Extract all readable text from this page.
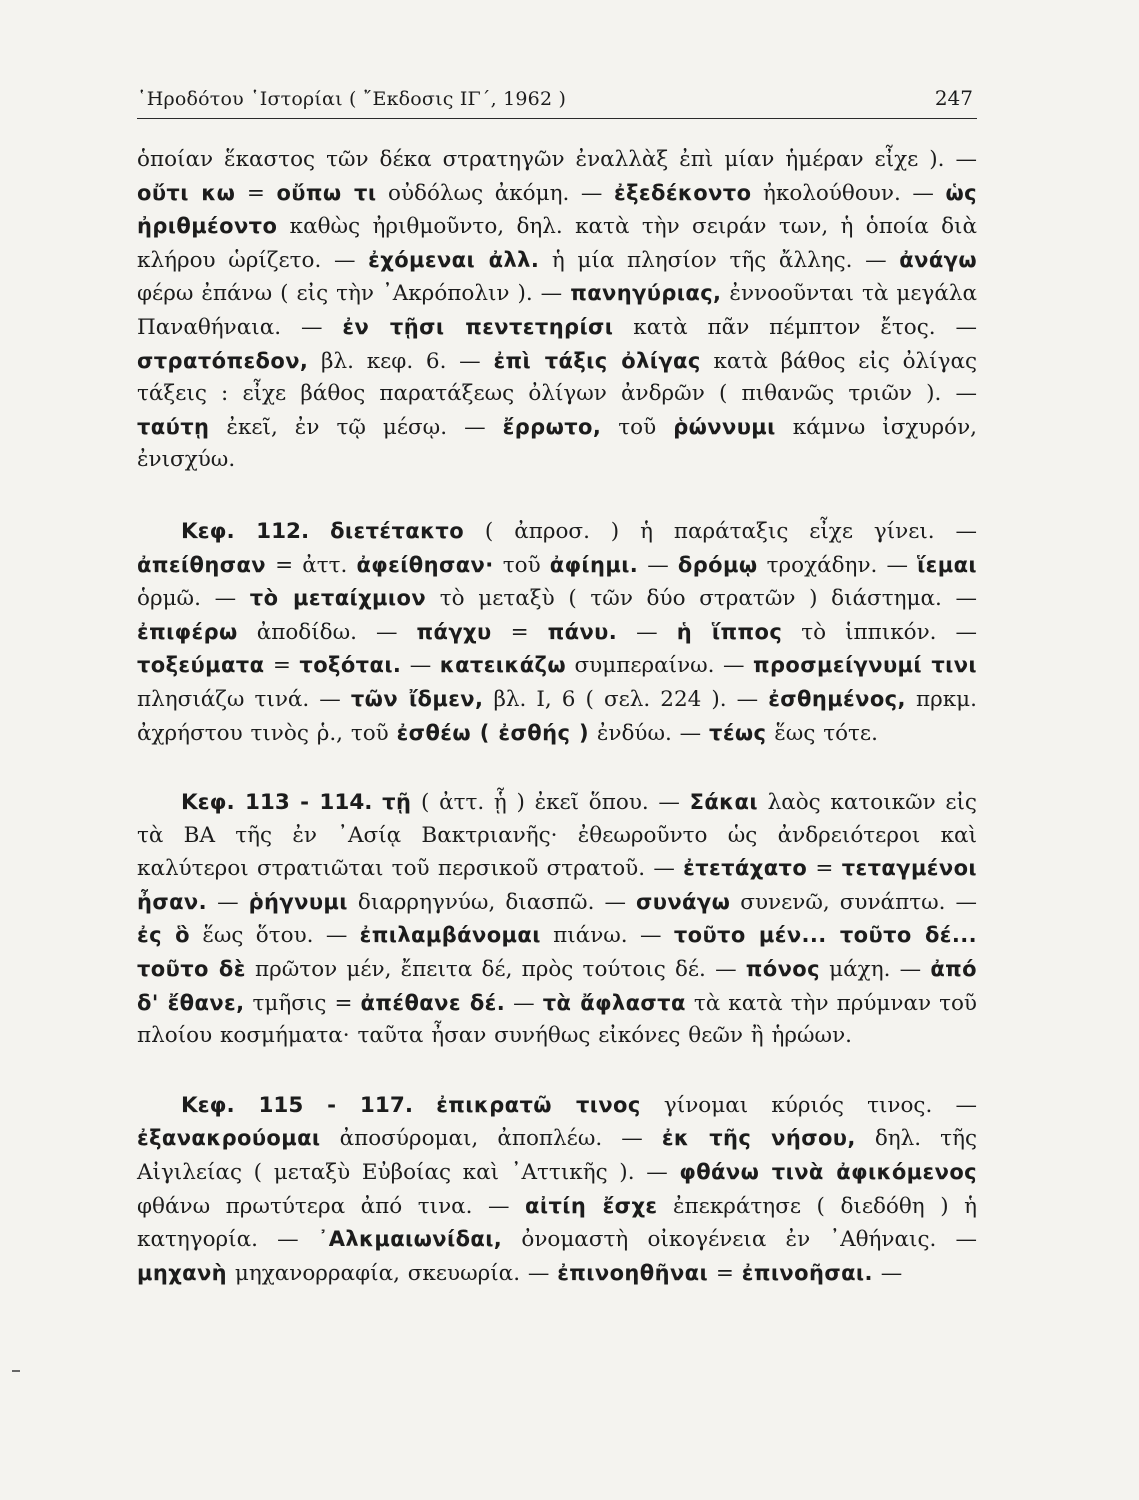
῾Ηροδότου ῾Ιστορίαι ( ῎Εκδοσις ΙΓ΄, 1962 )	247

ὁποίαν ἕκαστος τῶν δέκα στρατηγῶν ἐναλλὰξ ἐπὶ μίαν ἡμέραν εἶχε ). — οὔτι κω = οὔπω τι οὐδόλως ἀκόμη. — ἐξεδέκοντο ἠκολούθουν. — ὡς ἠριθμέοντο καθὼς ἠριθμοῦντο, δηλ. κατὰ τὴν σειράν των, ἡ ὁποία διὰ κλήρου ὡρίζετο. — ἐχόμεναι ἀλλ. ἡ μία πλησίον τῆς ἄλλης. — ἀνάγω φέρω ἐπάνω ( εἰς τὴν ᾿Ακρόπολιν ). — πανηγύριας, ἐννοοῦνται τὰ μεγάλα Παναθήναια. — ἐν τῇσι πεντετηρίσι κατὰ πᾶν πέμπτον ἔτος. — στρατόπεδον, βλ. κεφ. 6. — ἐπὶ τάξις ὀλίγας κατὰ βάθος εἰς ὀλίγας τάξεις : εἶχε βάθος παρατάξεως ὀλίγων ἀνδρῶν ( πιθανῶς τριῶν ). — ταύτῃ ἐκεῖ, ἐν τῷ μέσῳ. — ἔρρωτο, τοῦ ῥώννυμι κάμνω ἰσχυρόν, ἐνισχύω.

Κεφ. 112. διετέτακτο ( ἀπροσ. ) ἡ παράταξις εἶχε γίνει. — ἀπείθησαν = ἀττ. ἀφείθησαν· τοῦ ἀφίημι. — δρόμῳ τροχάδην. — ἵεμαι ὁρμῶ. — τὸ μεταίχμιον τὸ μεταξὺ ( τῶν δύο στρατῶν ) διάστημα. — ἐπιφέρω ἀποδίδω. — πάγχυ = πάνυ. — ἡ ἵππος τὸ ἱππικόν. — τοξεύματα = τοξόται. — κατεικάζω συμπεραίνω. — προσμείγνυμί τινι πλησιάζω τινά. — τῶν ἴδμεν, βλ. Ι, 6 ( σελ. 224 ). — ἐσθημένος, πρκμ. ἀχρήστου τινὸς ῥ., τοῦ ἐσθέω ( ἐσθής ) ἐνδύω. — τέως ἕως τότε.

Κεφ. 113 - 114. τῇ ( ἀττ. ᾗ ) ἐκεῖ ὅπου. — Σάκαι λαὸς κατοικῶν εἰς τὰ ΒΑ τῆς ἐν ᾿Ασίᾳ Βακτριανῆς· ἐθεωροῦντο ὡς ἀνδρειότεροι καὶ καλύτεροι στρατιῶται τοῦ περσικοῦ στρατοῦ. — ἐτετάχατο = τεταγμένοι ἦσαν. — ῥήγνυμι διαρρηγνύω, διασπῶ. — συνάγω συνενῶ, συνάπτω. — ἐς ὃ ἕως ὅτου. — ἐπιλαμβάνομαι πιάνω. — τοῦτο μέν... τοῦτο δέ... τοῦτο δὲ πρῶτον μέν, ἔπειτα δέ, πρὸς τούτοις δέ. — πόνος μάχη. — ἀπό δ' ἔθανε, τμῆσις = ἀπέθανε δέ. — τὰ ἄφλαστα τὰ κατὰ τὴν πρύμναν τοῦ πλοίου κοσμήματα· ταῦτα ἦσαν συνήθως εἰκόνες θεῶν ἢ ἡρώων.

Κεφ. 115 - 117. ἐπικρατῶ τινος γίνομαι κύριός τινος. — ἐξανακρούομαι ἀποσύρομαι, ἀποπλέω. — ἐκ τῆς νήσου, δηλ. τῆς Αἰγιλείας ( μεταξὺ Εὐβοίας καὶ ᾿Αττικῆς ). — φθάνω τινὰ ἀφικόμενος φθάνω πρωτύτερα ἀπό τινα. — αἰτίη ἔσχε ἐπεκράτησε ( διεδόθη ) ἡ κατηγορία. — ᾿Αλκμαιωνίδαι, ὀνομαστὴ οἰκογένεια ἐν ᾿Αθήναις. — μηχανὴ μηχανορραφία, σκευωρία. — ἐπινοηθῆναι = ἐπινοῆσαι. —
